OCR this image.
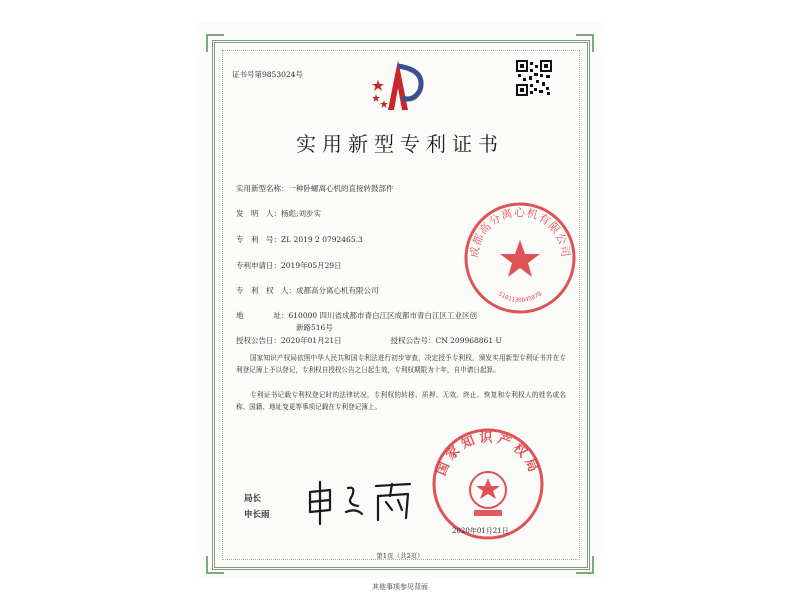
证书号第9853024号
实用新型专利证书
实用新型名称：一种卧螺离心机的直接转鼓部件
发　明　人：杨彪;刘步实
专　利　号：ZL 2019 2 0792465.3
专利申请日：2019年05月29日
专　利　权　人：成都高分离心机有限公司
地　　　　址：610000 四川省成都市青白江区成都市青白江区工业区创
新路516号
授权公告日：2020年01月21日	授权公告号：CN 209968861 U
国家知识产权局依照中华人民共和国专利法进行初步审查，决定授予专利权，颁发实用新型专利证书并在专利登记簿上予以登记，专利权自授权公告之日起生效，专利权期限为十年，自申请日起算。
专利证书记载专利权登记时的法律状况，专利权的转移、质押、无效、终止、恢复和专利权人的姓名或名称、国籍、地址变更等事项记载在专利登记簿上。
成都高分离心机有限公司
5101130045878
国家知识产权局
局长
申长雨
2020年01月21日
第1页（共2页）
其他事项参见背面
